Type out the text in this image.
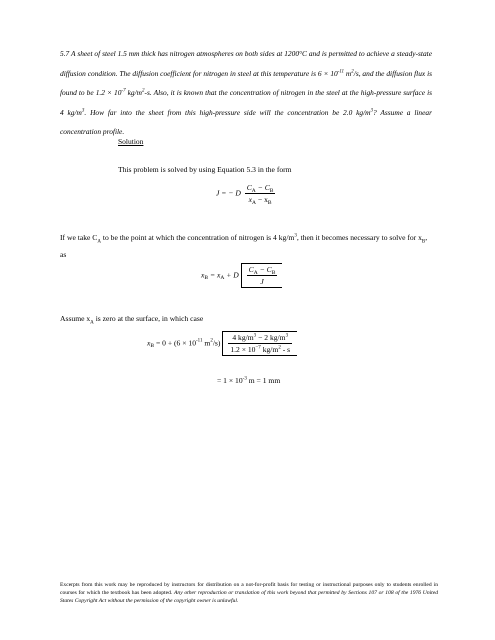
5.7 A sheet of steel 1.5 mm thick has nitrogen atmospheres on both sides at 1200°C and is permitted to achieve a steady-state diffusion condition. The diffusion coefficient for nitrogen in steel at this temperature is $6 \times 10^{-11}$ $m^2/s$, and the diffusion flux is found to be $1.2 \times 10^{-7}$ $kg/m^2-s$. Also, it is known that the concentration of nitrogen in the steel at the high-pressure surface is 4 $kg/m^3$. How far into the sheet from this high-pressure side will the concentration be 2.0 $kg/m^3$? Assume a linear concentration profile.
Solution
This problem is solved by using Equation 5.3 in the form
J = − D $\frac{C_A - C_B}{x_A - x_B}$
If we take $C_A$ to be the point at which the concentration of nitrogen is 4 $kg/m^3$, then it becomes necessary to solve for $x_B$, as
$x_B = x_A + D \frac{C_A - C_B}{J}$
Assume $x_A$ is zero at the surface, in which case
$x_B = 0 + (6 \times 10^{-11}$ $m^2/s) \frac{4 kg/m^3 - 2 kg/m^3}{1.2 \times 10^{-7} kg/m^2 - s}$
= $1 \times 10^{-3}$ m = 1 mm
Excerpts from this work may be reproduced by instructors for distribution on a not-for-profit basis for testing or instructional purposes only to students enrolled in courses for which the textbook has been adopted. Any other reproduction or translation of this work beyond that permitted by Sections 107 or 108 of the 1976 United States Copyright Act without the permission of the copyright owner is unlawful.
